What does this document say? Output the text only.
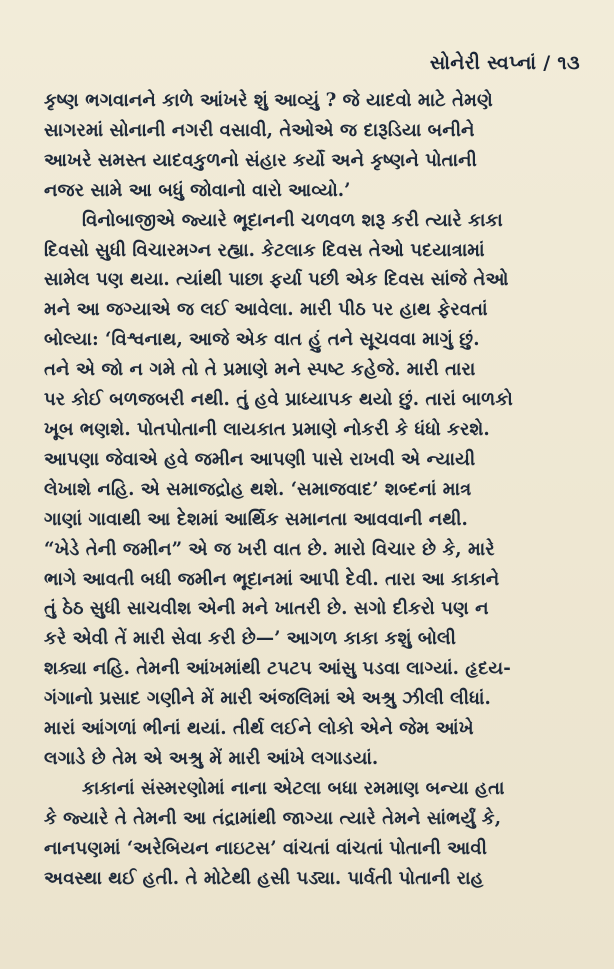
સોનેરી સ્વપ્નાં / ૧૩

કૃષ્ણ ભગવાનને કાળે આંખરે શું આવ્યું ? જે યાદવો માટે તેમણે
સાગરમાં સોનાની નગરી વસાવી, તેઓએ જ દારૂડિયા બનીને
આખરે સમસ્ત યાદવકુળનો સંહાર કર્યો અને કૃષ્ણને પોતાની
નજર સામે આ બધું જોવાનો વારો આવ્યો.’

વિનોબાજીએ જ્યારે ભૂદાનની ચળવળ શરૂ કરી ત્યારે કાકા
દિવસો સુધી વિચારમગ્ન રહ્યા. કેટલાક દિવસ તેઓ પદયાત્રામાં
સામેલ પણ થયા. ત્યાંથી પાછા ફર્યા પછી એક દિવસ સાંજે તેઓ
મને આ જગ્યાએ જ લઈ આવેલા. મારી પીઠ પર હાથ ફેરવતાં
બોલ્યા: ‘વિશ્વનાથ, આજે એક વાત હું તને સૂચવવા માગું છું.
તને એ જો ન ગમે તો તે પ્રમાણે મને સ્પષ્ટ કહેજે. મારી તારા
પર કોઈ બળજબરી નથી. તું હવે પ્રાધ્યાપક થયો છું. તારાં બાળકો
ખૂબ ભણશે. પોતપોતાની લાયકાત પ્રમાણે નોકરી કે ધંધો કરશે.
આપણા જેવાએ હવે જમીન આપણી પાસે રાખવી એ ન્યાયી
લેખાશે નહિ. એ સમાજદ્રોહ થશે. ‘સમાજવાદ’ શબ્દનાં માત્ર
ગાણાં ગાવાથી આ દેશમાં આર્થિક સમાનતા આવવાની નથી.
“ખેડે તેની જમીન” એ જ ખરી વાત છે. મારો વિચાર છે કે, મારે
ભાગે આવતી બધી જમીન ભૂદાનમાં આપી દેવી. તારા આ કાકાને
તું ઠેઠ સુધી સાચવીશ એની મને ખાતરી છે. સગો દીકરો પણ ન
કરે એવી તેં મારી સેવા કરી છે—’ આગળ કાકા કશું બોલી
શક્યા નહિ. તેમની આંખમાંથી ટપટપ આંસુ પડવા લાગ્યાં. હૃદય-
ગંગાનો પ્રસાદ ગણીને મેં મારી અંજલિમાં એ અશ્રુ ઝીલી લીધાં.
મારાં આંગળાં ભીનાં થયાં. તીર્થ લઈને લોકો એને જેમ આંખે
લગાડે છે તેમ એ અશ્રુ મેં મારી આંખે લગાડયાં.

કાકાનાં સંસ્મરણોમાં નાના એટલા બધા રમમાણ બન્યા હતા
કે જ્યારે તે તેમની આ તંદ્રામાંથી જાગ્યા ત્યારે તેમને સાંભર્યું કે,
નાનપણમાં ‘અરેબિયન નાઇટસ’ વાંચતાં વાંચતાં પોતાની આવી
અવસ્થા થઈ હતી. તે મોટેથી હસી પડ્યા. પાર્વતી પોતાની રાહ
